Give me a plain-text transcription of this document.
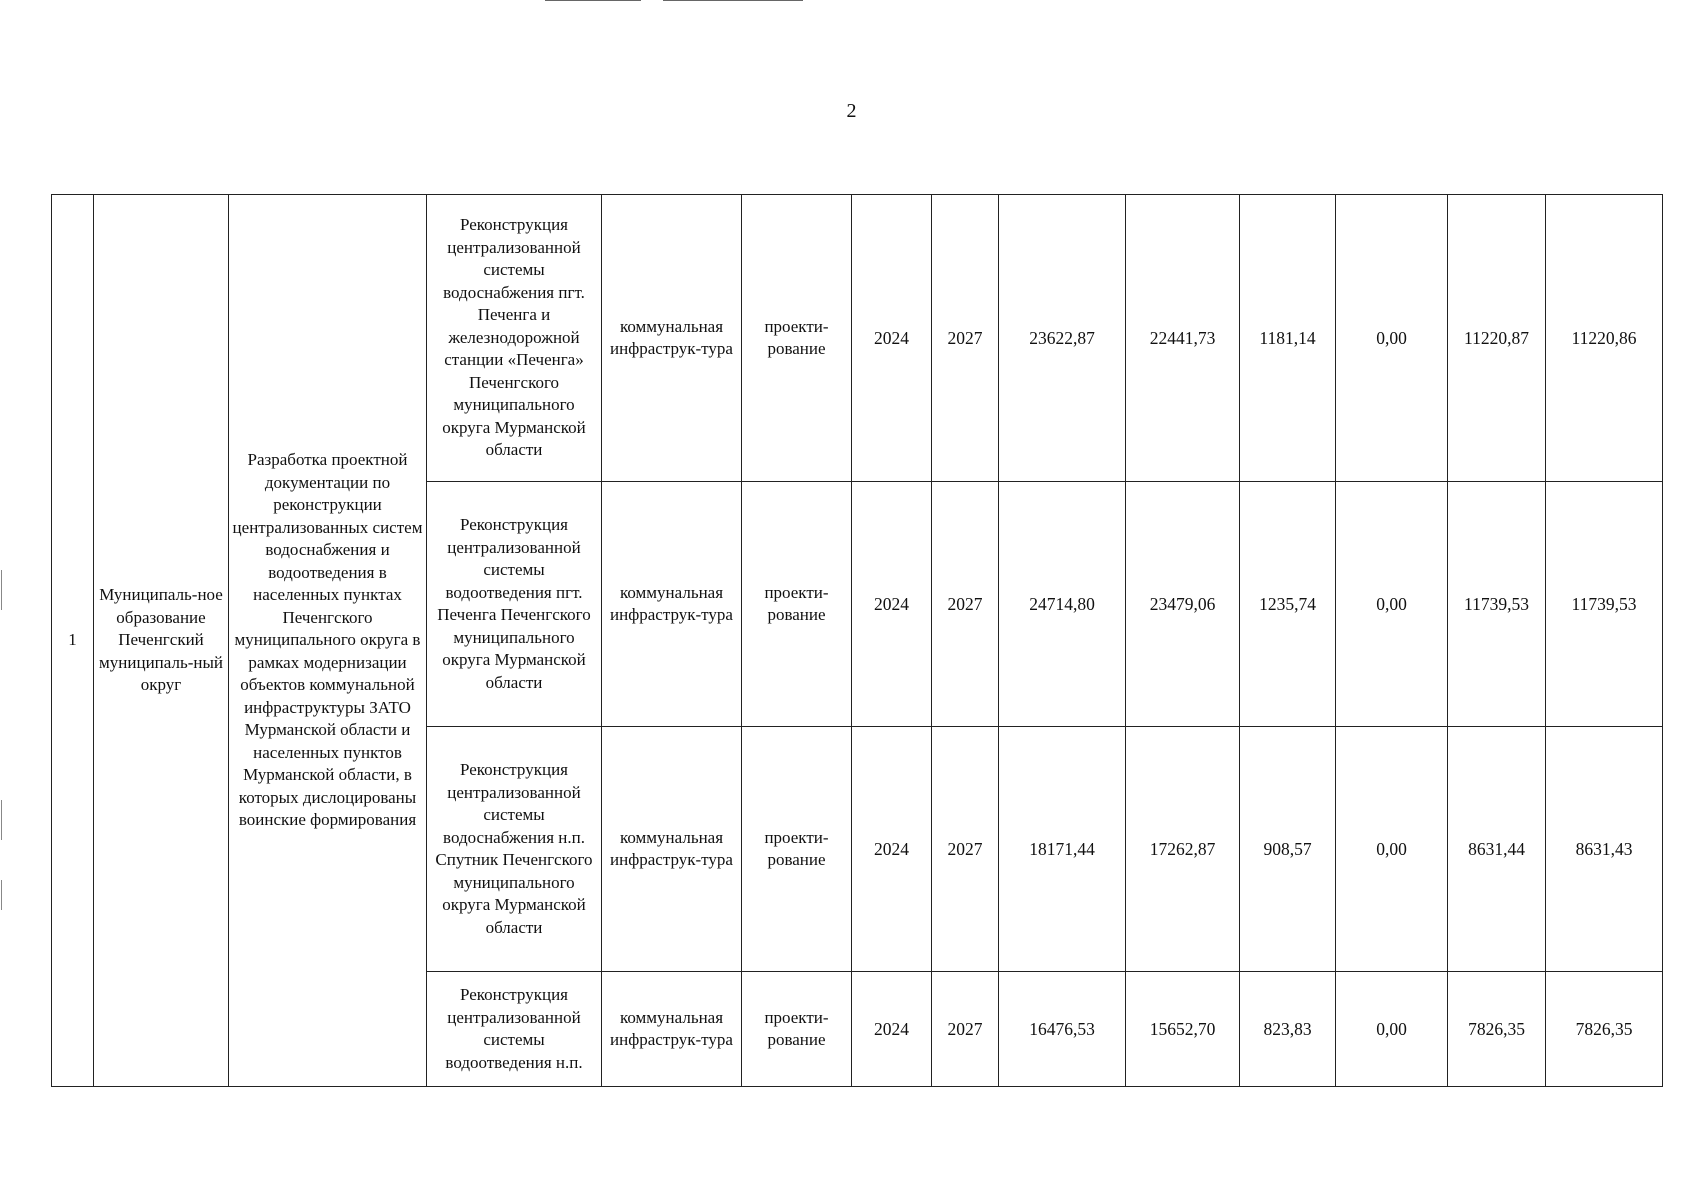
2
1	Муниципаль-ное образование Печенгский муниципаль-ный округ	Разработка проектной документации по реконструкции централизованных систем водоснабжения и водоотведения в населенных пунктах Печенгского муниципального округа в рамках модернизации объектов коммунальной инфраструктуры ЗАТО Мурманской области и населенных пунктов Мурманской области, в которых дислоцированы воинские формирования	Реконструкция централизованной системы водоснабжения пгт. Печенга и железнодорожной станции «Печенга» Печенгского муниципального округа Мурманской области	коммунальная инфраструк-тура	проекти-рование	2024	2027	23622,87	22441,73	1181,14	0,00	11220,87	11220,86
			Реконструкция централизованной системы водоотведения пгт. Печенга Печенгского муниципального округа Мурманской области	коммунальная инфраструк-тура	проекти-рование	2024	2027	24714,80	23479,06	1235,74	0,00	11739,53	11739,53
			Реконструкция централизованной системы водоснабжения н.п. Спутник Печенгского муниципального округа Мурманской области	коммунальная инфраструк-тура	проекти-рование	2024	2027	18171,44	17262,87	908,57	0,00	8631,44	8631,43
			Реконструкция централизованной системы водоотведения н.п.	коммунальная инфраструк-тура	проекти-рование	2024	2027	16476,53	15652,70	823,83	0,00	7826,35	7826,35
